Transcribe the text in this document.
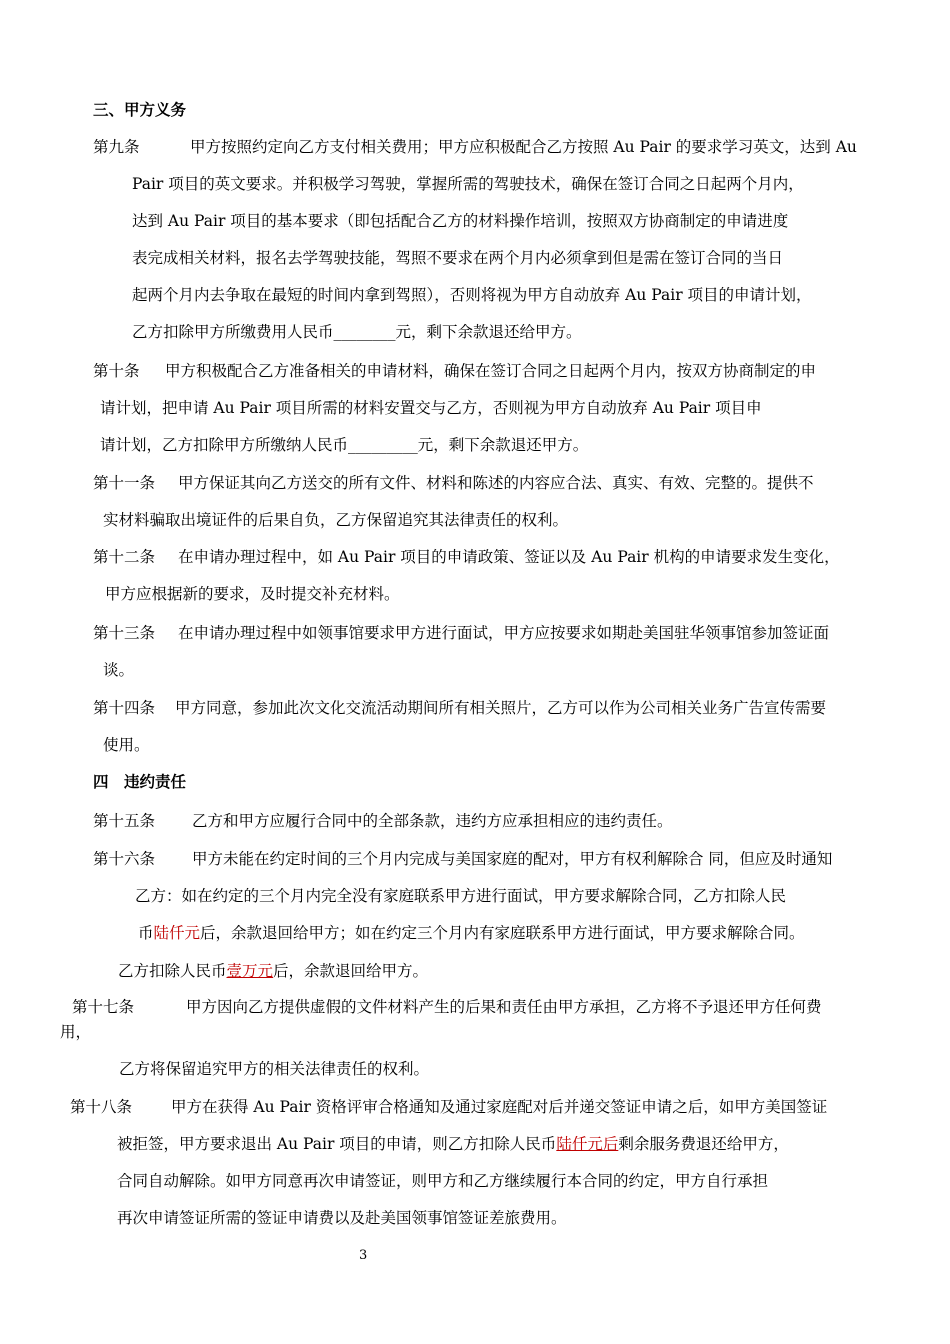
三、甲方义务
第九条	甲方按照约定向乙方支付相关费用；甲方应积极配合乙方按照 Au Pair 的要求学习英文，达到 Au
Pair 项目的英文要求。并积极学习驾驶，掌握所需的驾驶技术，确保在签订合同之日起两个月内，
达到 Au Pair 项目的基本要求（即包括配合乙方的材料操作培训，按照双方协商制定的申请进度
表完成相关材料，报名去学驾驶技能，驾照不要求在两个月内必须拿到但是需在签订合同的当日
起两个月内去争取在最短的时间内拿到驾照），否则将视为甲方自动放弃 Au Pair 项目的申请计划，
乙方扣除甲方所缴费用人民币________元，剩下余款退还给甲方。
第十条 甲方积极配合乙方准备相关的申请材料，确保在签订合同之日起两个月内，按双方协商制定的申
请计划，把申请 Au Pair 项目所需的材料安置交与乙方，否则视为甲方自动放弃 Au Pair 项目申
请计划，乙方扣除甲方所缴纳人民币_________元，剩下余款退还甲方。
第十一条 甲方保证其向乙方送交的所有文件、材料和陈述的内容应合法、真实、有效、完整的。提供不
实材料骗取出境证件的后果自负，乙方保留追究其法律责任的权利。
第十二条 在申请办理过程中，如 Au Pair 项目的申请政策、签证以及 Au Pair 机构的申请要求发生变化，
甲方应根据新的要求，及时提交补充材料。
第十三条 在申请办理过程中如领事馆要求甲方进行面试，甲方应按要求如期赴美国驻华领事馆参加签证面
谈。
第十四条 甲方同意，参加此次文化交流活动期间所有相关照片，乙方可以作为公司相关业务广告宣传需要
使用。
四　违约责任
第十五条 乙方和甲方应履行合同中的全部条款，违约方应承担相应的违约责任。
第十六条 甲方未能在约定时间的三个月内完成与美国家庭的配对，甲方有权利解除合 同，但应及时通知
乙方：如在约定的三个月内完全没有家庭联系甲方进行面试，甲方要求解除合同，乙方扣除人民
币陆仟元后，余款退回给甲方；如在约定三个月内有家庭联系甲方进行面试，甲方要求解除合同。
乙方扣除人民币壹万元后，余款退回给甲方。
第十七条	甲方因向乙方提供虚假的文件材料产生的后果和责任由甲方承担，乙方将不予退还甲方任何费
用，
乙方将保留追究甲方的相关法律责任的权利。
第十八条	甲方在获得 Au Pair 资格评审合格通知及通过家庭配对后并递交签证申请之后，如甲方美国签证
被拒签，甲方要求退出 Au Pair 项目的申请，则乙方扣除人民币陆仟元后剩余服务费退还给甲方，
合同自动解除。如甲方同意再次申请签证，则甲方和乙方继续履行本合同的约定，甲方自行承担
再次申请签证所需的签证申请费以及赴美国领事馆签证差旅费用。
3
